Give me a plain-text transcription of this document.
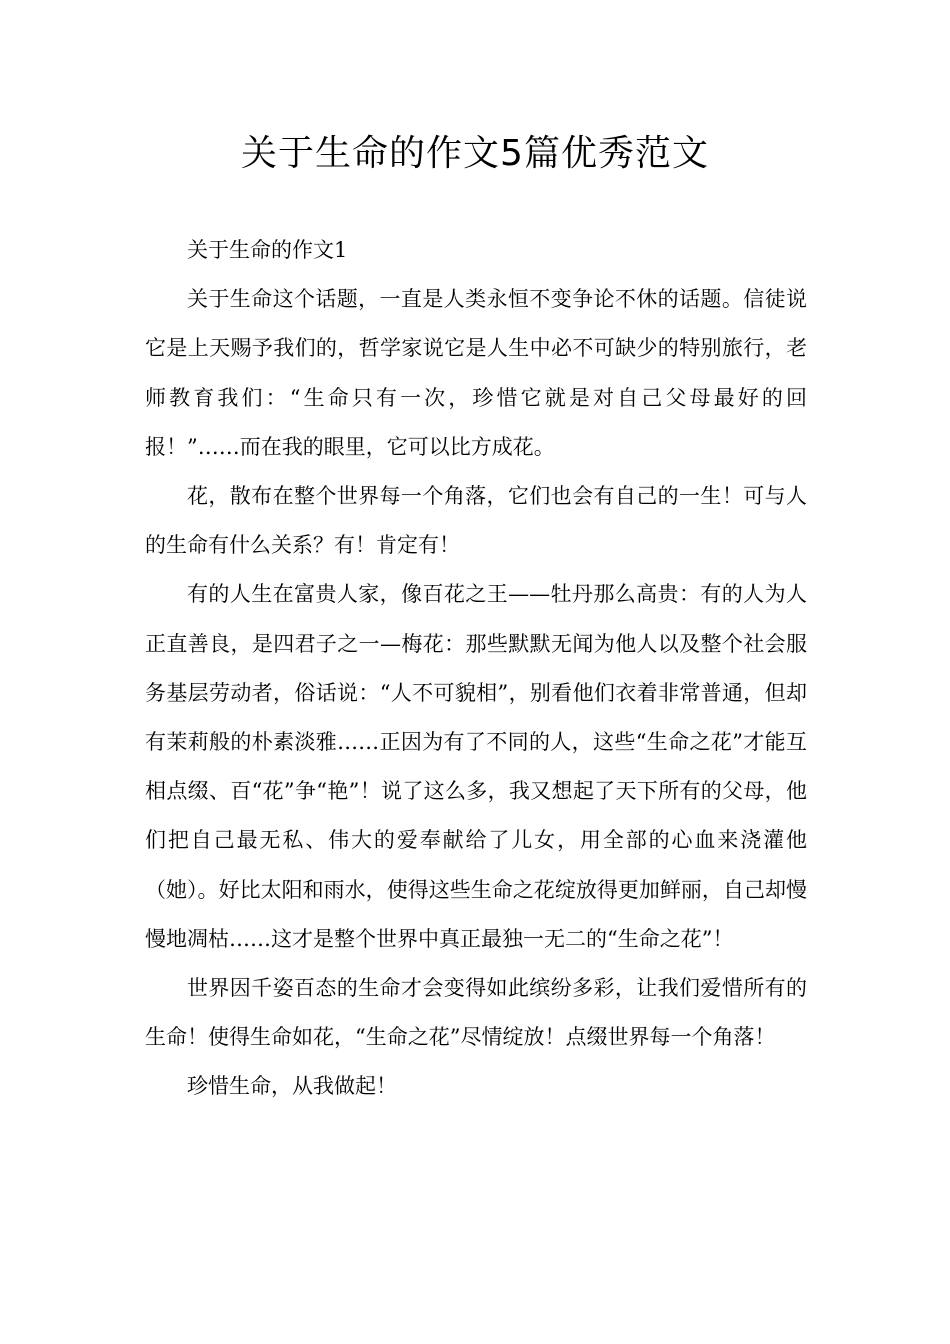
关于生命的作文5篇优秀范文

关于生命的作文1

关于生命这个话题，一直是人类永恒不变争论不休的话题。信徒说它是上天赐予我们的，哲学家说它是人生中必不可缺少的特别旅行，老师教育我们：“生命只有一次，珍惜它就是对自己父母最好的回报！”……而在我的眼里，它可以比方成花。

花，散布在整个世界每一个角落，它们也会有自己的一生！可与人的生命有什么关系？有！肯定有！

有的人生在富贵人家，像百花之王——牡丹那么高贵：有的人为人正直善良，是四君子之一—梅花：那些默默无闻为他人以及整个社会服务基层劳动者，俗话说：“人不可貌相”，别看他们衣着非常普通，但却有茉莉般的朴素淡雅……正因为有了不同的人，这些“生命之花”才能互相点缀、百“花”争“艳”！说了这么多，我又想起了天下所有的父母，他们把自己最无私、伟大的爱奉献给了儿女，用全部的心血来浇灌他（她）。好比太阳和雨水，使得这些生命之花绽放得更加鲜丽，自己却慢慢地凋枯……这才是整个世界中真正最独一无二的“生命之花”！

世界因千姿百态的生命才会变得如此缤纷多彩，让我们爱惜所有的生命！使得生命如花，“生命之花”尽情绽放！点缀世界每一个角落！

珍惜生命，从我做起！
